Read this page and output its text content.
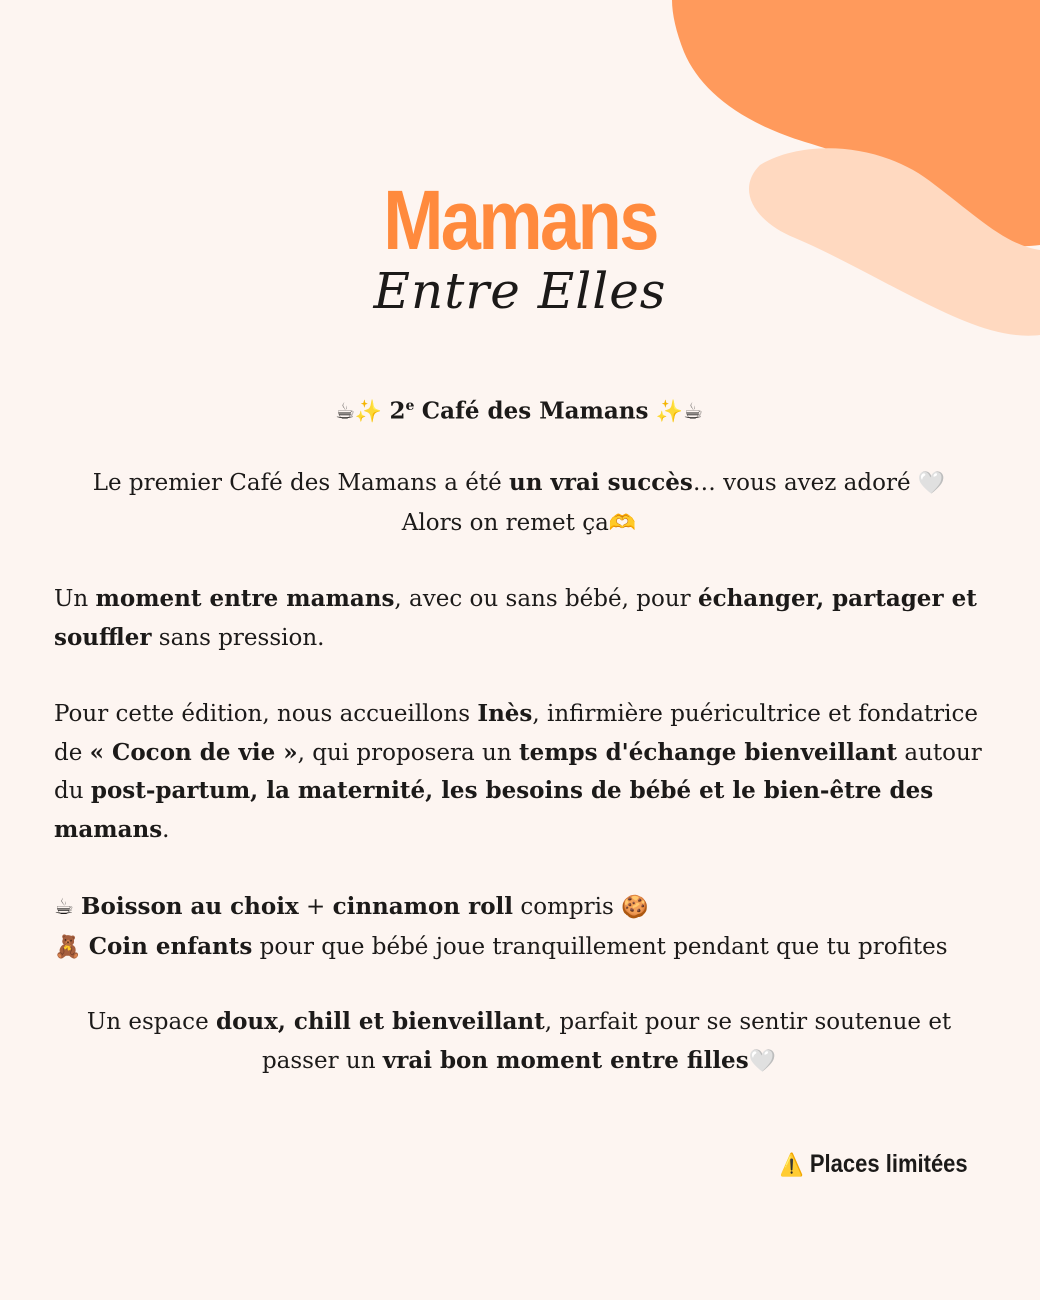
Mamans
Entre Elles
☕✨ 2e Café des Mamans ✨☕

Le premier Café des Mamans a été un vrai succès… vous avez adoré 🤍

Alors on remet ça🫶

Un moment entre mamans, avec ou sans bébé, pour échanger, partager et souffler sans pression.

Pour cette édition, nous accueillons Inès, infirmière puéricultrice et fondatrice de « Cocon de vie », qui proposera un temps d'échange bienveillant autour du post-partum, la maternité, les besoins de bébé et le bien-être des mamans.

☕ Boisson au choix + cinnamon roll compris 🍪

🧸 Coin enfants pour que bébé joue tranquillement pendant que tu profites

Un espace doux, chill et bienveillant, parfait pour se sentir soutenue et passer un vrai bon moment entre filles🤍

⚠️ Places limitées
